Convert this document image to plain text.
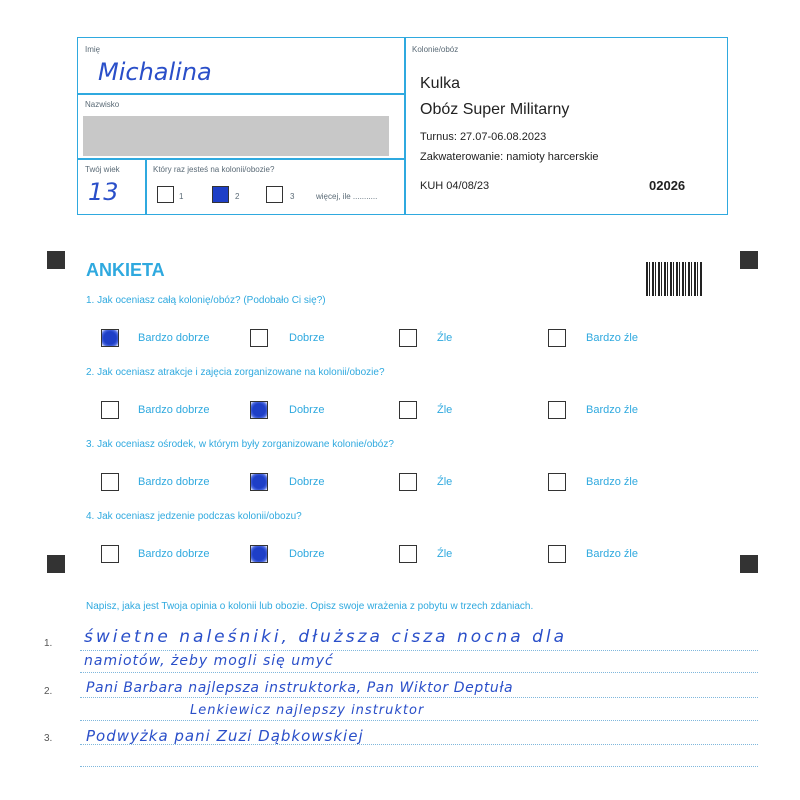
Imię
Michalina
Nazwisko
Twój wiek
13
Który raz jesteś na kolonii/obozie?
1	2	3	więcej, ile ...........
Kolonie/obóz
Kulka
Obóz Super Militarny
Turnus: 27.07-06.08.2023
Zakwaterowanie: namioty harcerskie
KUH 04/08/23	02026
ANKIETA
1. Jak oceniasz całą kolonię/obóz? (Podobało Ci się?)
Bardzo dobrze	Dobrze	Źle	Bardzo źle
2. Jak oceniasz atrakcje i zajęcia zorganizowane na kolonii/obozie?
Bardzo dobrze	Dobrze	Źle	Bardzo źle
3. Jak oceniasz ośrodek, w którym były zorganizowane kolonie/obóz?
Bardzo dobrze	Dobrze	Źle	Bardzo źle
4. Jak oceniasz jedzenie podczas kolonii/obozu?
Bardzo dobrze	Dobrze	Źle	Bardzo źle
Napisz, jaka jest Twoja opinia o kolonii lub obozie. Opisz swoje wrażenia z pobytu w trzech zdaniach.
1.
2.
3.
świetne naleśniki, dłuższa cisza nocna dla
namiotów, żeby mogli się umyć
Pani Barbara najlepsza instruktorka, Pan Wiktor Deptuła
Lenkiewicz najlepszy instruktor
Podwyżka pani Zuzi Dąbkowskiej
